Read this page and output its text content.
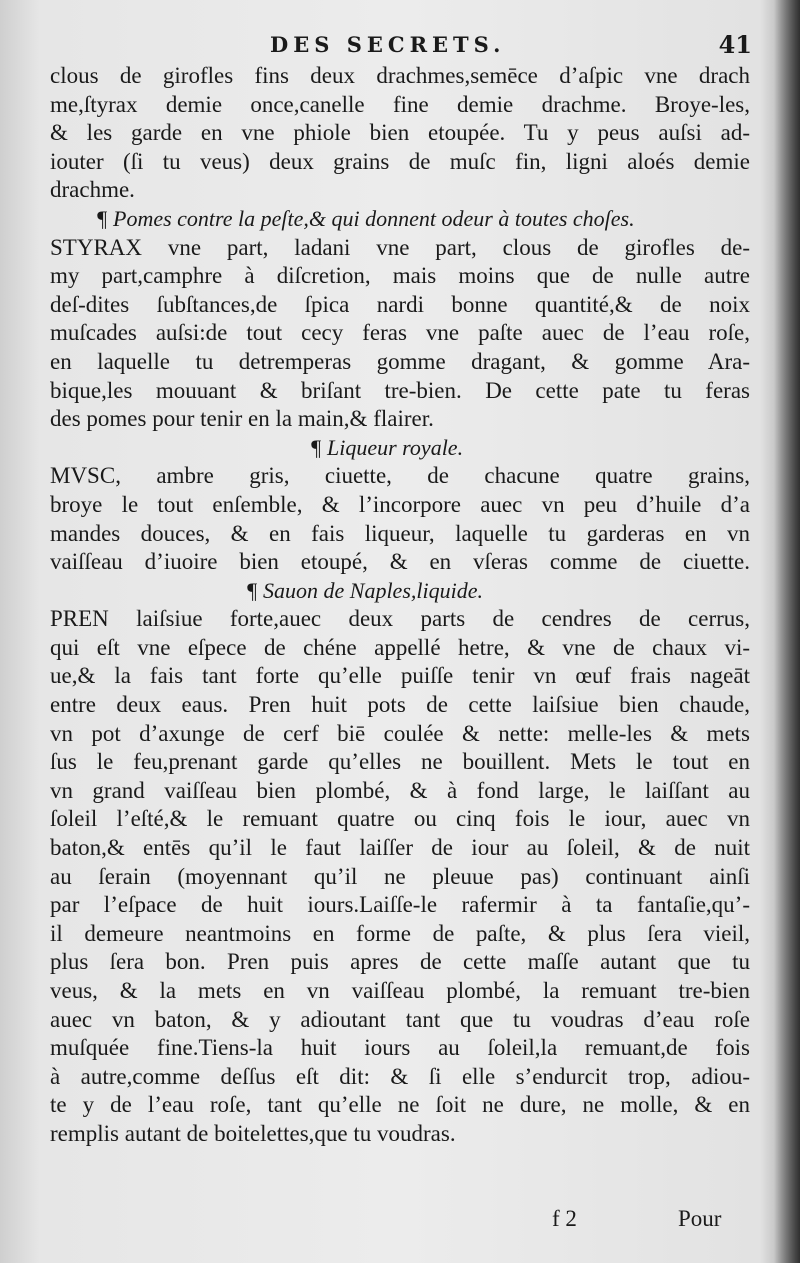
DES SECRETS.	41
clous de girofles fins deux drachmes,semēce d’aſpic vne drach
me,ſtyrax demie once,canelle fine demie drachme. Broye-les,
& les garde en vne phiole bien etoupée. Tu y peus auſsi ad-
iouter (ſi tu veus) deux grains de muſc fin, ligni aloés demie
drachme.
¶ Pomes contre la peſte,& qui donnent odeur à toutes choſes.
STYRAX vne part, ladani vne part, clous de girofles de-
my part,camphre à diſcretion, mais moins que de nulle autre
deſ-dites ſubſtances,de ſpica nardi bonne quantité,& de noix
muſcades auſsi:de tout cecy feras vne paſte auec de l’eau roſe,
en laquelle tu detremperas gomme dragant, & gomme Ara-
bique,les mouuant & briſant tre-bien. De cette pate tu feras
des pomes pour tenir en la main,& flairer.
¶ Liqueur royale.
MVSC, ambre gris, ciuette, de chacune quatre grains,
broye le tout enſemble, & l’incorpore auec vn peu d’huile d’a
mandes douces, & en fais liqueur, laquelle tu garderas en vn
vaiſſeau d’iuoire bien etoupé, & en vſeras comme de ciuette.
¶ Sauon de Naples,liquide.
PREN laiſsiue forte,auec deux parts de cendres de cerrus,
qui eſt vne eſpece de chéne appellé hetre, & vne de chaux vi-
ue,& la fais tant forte qu’elle puiſſe tenir vn œuf frais nageāt
entre deux eaus. Pren huit pots de cette laiſsiue bien chaude,
vn pot d’axunge de cerf biē coulée & nette: melle-les & mets
ſus le feu,prenant garde qu’elles ne bouillent. Mets le tout en
vn grand vaiſſeau bien plombé, & à fond large, le laiſſant au
ſoleil l’eſté,& le remuant quatre ou cinq fois le iour, auec vn
baton,& entēs qu’il le faut laiſſer de iour au ſoleil, & de nuit
au ſerain (moyennant qu’il ne pleuue pas) continuant ainſi
par l’eſpace de huit iours.Laiſſe-le rafermir à ta fantaſie,qu’-
il demeure neantmoins en forme de paſte, & plus ſera vieil,
plus ſera bon. Pren puis apres de cette maſſe autant que tu
veus, & la mets en vn vaiſſeau plombé, la remuant tre-bien
auec vn baton, & y adioutant tant que tu voudras d’eau roſe
muſquée fine.Tiens-la huit iours au ſoleil,la remuant,de fois
à autre,comme deſſus eſt dit: & ſi elle s’endurcit trop, adiou-
te y de l’eau roſe, tant qu’elle ne ſoit ne dure, ne molle, & en
remplis autant de boitelettes,que tu voudras.
f 2	Pour
